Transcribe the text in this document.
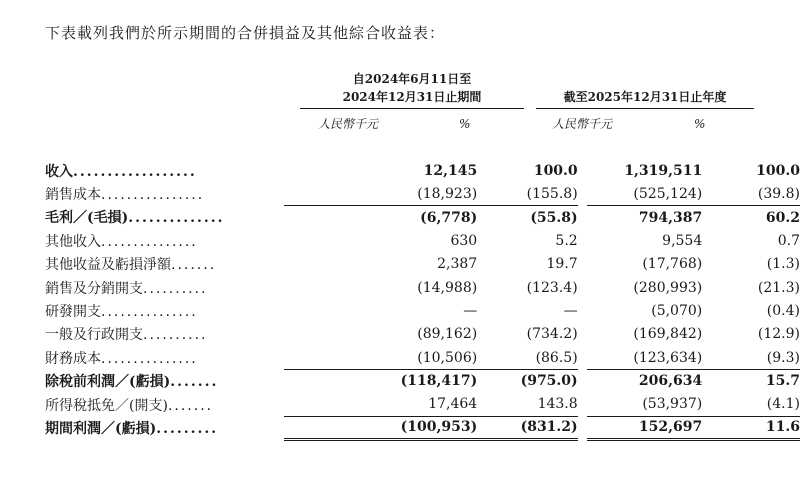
下表載列我們於所示期間的合併損益及其他綜合收益表：
自2024年6月11日至
2024年12月31日止期間	截至2025年12月31日止年度
人民幣千元	%	人民幣千元	%
收入..................	12,145	100.0		1,319,511	100.0
銷售成本................	(18,923)	(155.8)		(525,124)	(39.8)
毛利／(毛損)..............	(6,778)	(55.8)		794,387	60.2
其他收入...............	630	5.2		9,554	0.7
其他收益及虧損淨額.......	2,387	19.7		(17,768)	(1.3)
銷售及分銷開支..........	(14,988)	(123.4)		(280,993)	(21.3)
研發開支...............	—	—		(5,070)	(0.4)
一般及行政開支..........	(89,162)	(734.2)		(169,842)	(12.9)
財務成本...............	(10,506)	(86.5)		(123,634)	(9.3)
除稅前利潤／(虧損).......	(118,417)	(975.0)		206,634	15.7
所得稅抵免／(開支).......	17,464	143.8		(53,937)	(4.1)
期間利潤／(虧損).........	(100,953)	(831.2)		152,697	11.6
